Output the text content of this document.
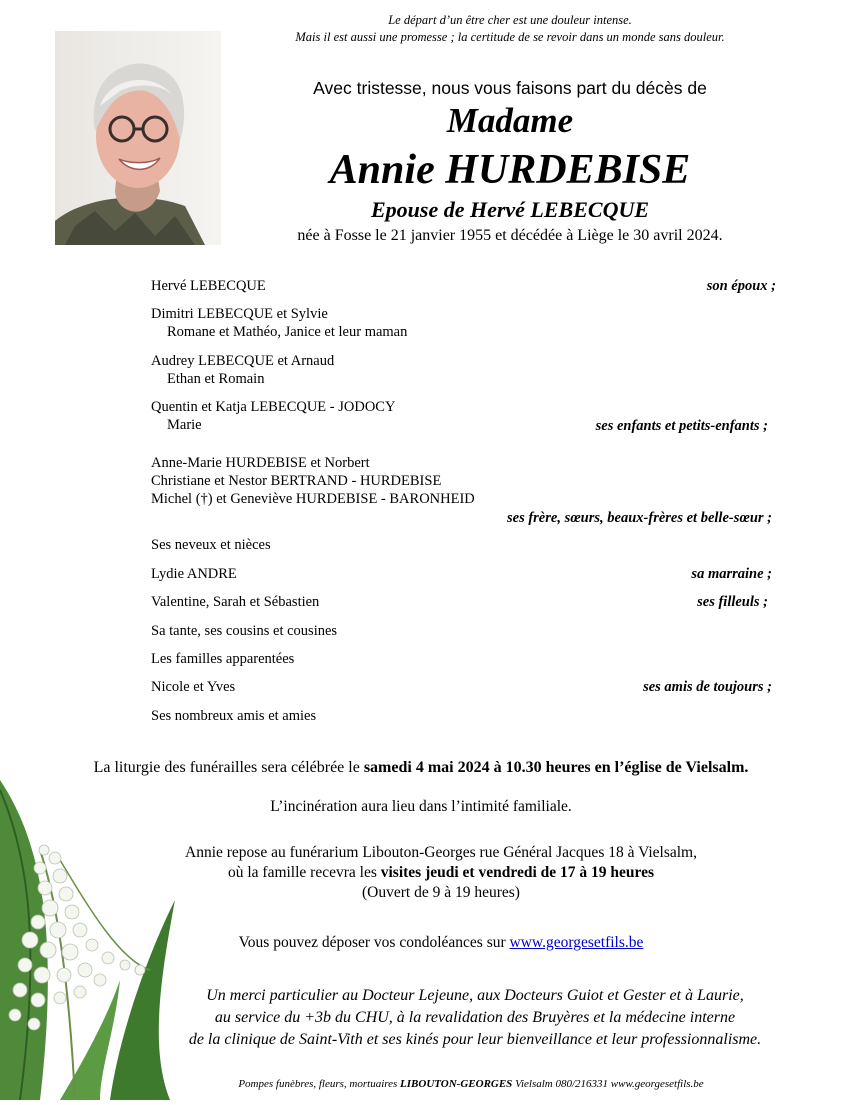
Le départ d’un être cher est une douleur intense.
Mais il est aussi une promesse ; la certitude de se revoir dans un monde sans douleur.
Avec tristesse, nous vous faisons part du décès de
Madame
Annie HURDEBISE
Epouse de Hervé LEBECQUE
née à Fosse le 21 janvier 1955 et décédée à Liège le 30 avril 2024.
Hervé LEBECQUE	son époux ;
Dimitri LEBECQUE et Sylvie
Romane et Mathéo, Janice et leur maman
Audrey LEBECQUE et Arnaud
Ethan et Romain
Quentin et Katja LEBECQUE - JODOCY
Marie	ses enfants et petits-enfants ;
Anne-Marie HURDEBISE et Norbert
Christiane et Nestor BERTRAND - HURDEBISE
Michel (†) et Geneviève HURDEBISE - BARONHEID
ses frère, sœurs, beaux-frères et belle-sœur ;
Ses neveux et nièces
Lydie ANDRE	sa marraine ;
Valentine, Sarah et Sébastien	ses filleuls ;
Sa tante, ses cousins et cousines
Les familles apparentées
Nicole et Yves	ses amis de toujours ;
Ses nombreux amis et amies
La liturgie des funérailles sera célébrée le samedi 4 mai 2024 à 10.30 heures en l’église de Vielsalm.
L’incinération aura lieu dans l’intimité familiale.
Annie repose au funérarium Libouton-Georges rue Général Jacques 18 à Vielsalm,
où la famille recevra les visites jeudi et vendredi de 17 à 19 heures
(Ouvert de 9 à 19 heures)
Vous pouvez déposer vos condoléances sur www.georgesetfils.be
Un merci particulier au Docteur Lejeune, aux Docteurs Guiot et Gester et à Laurie,
au service du +3b du CHU, à la revalidation des Bruyères et la médecine interne
de la clinique de Saint-Vith et ses kinés pour leur bienveillance et leur professionnalisme.
Pompes funèbres, fleurs, mortuaires LIBOUTON-GEORGES Vielsalm 080/216331 www.georgesetfils.be
